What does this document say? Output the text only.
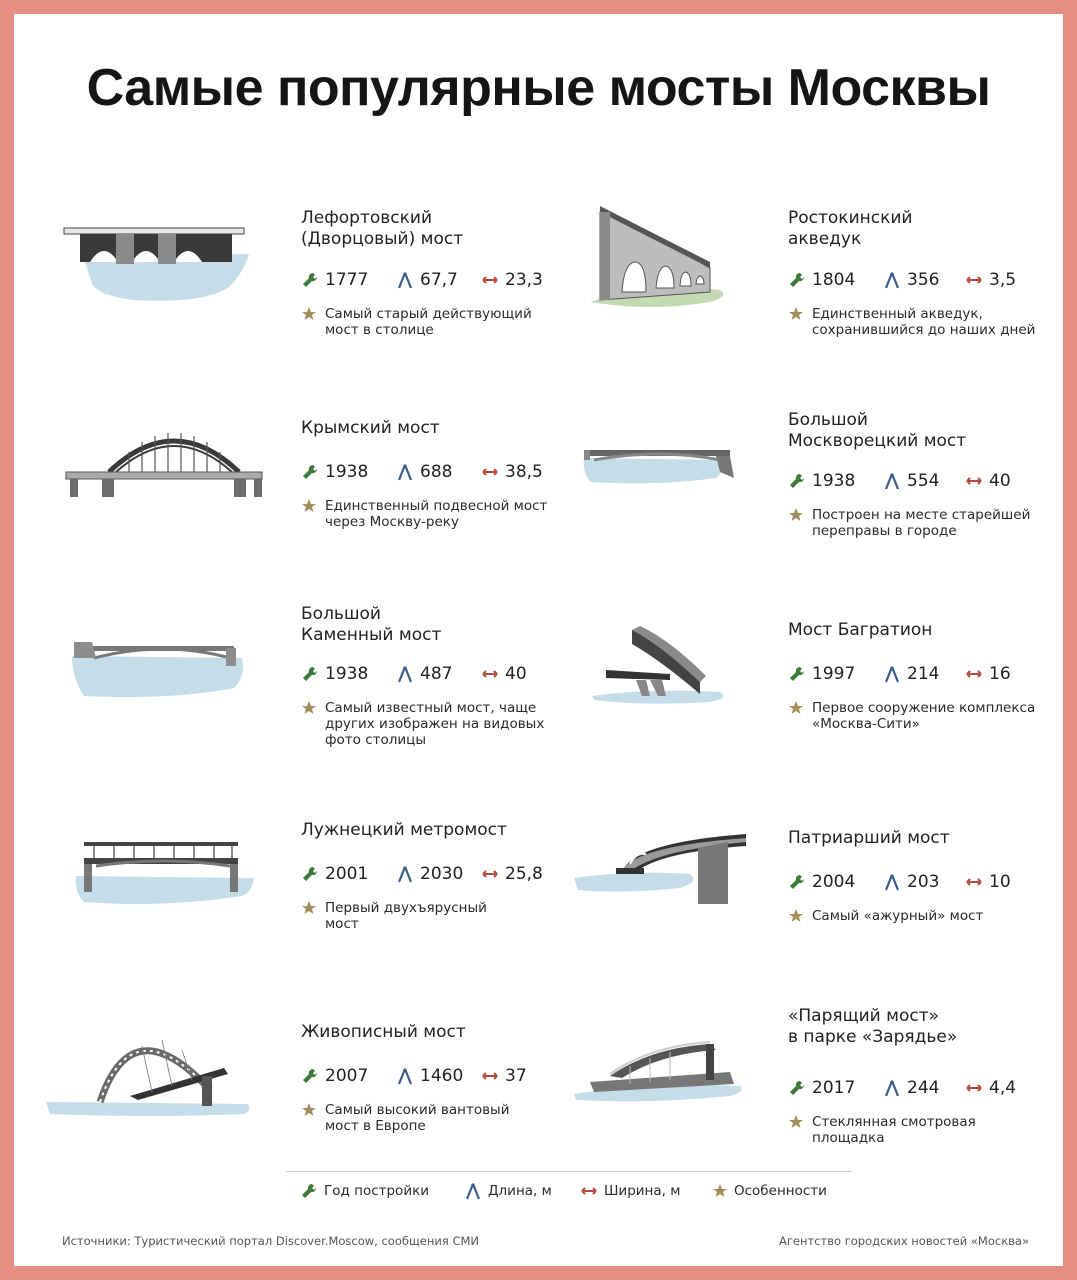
Самые популярные мосты Москвы
Лефортовский
(Дворцовый) мост
1777	67,7	23,3
Самый старый действующий
мост в столице
Крымский мост
1938	688	38,5
Единственный подвесной мост
через Москву-реку
Большой
Каменный мост
1938	487	40
Самый известный мост, чаще
других изображен на видовых
фото столицы
Лужнецкий метромост
2001	2030 25,8
Первый двухъярусный
мост
Живописный мост
2007	1460 37
Самый высокий вантовый
мост в Европе
Ростокинский
акведук
1804	356	3,5
Единственный акведук,
сохранившийся до наших дней
Большой
Москворецкий мост
1938	554	40
Построен на месте старейшей
переправы в городе
Мост Багратион
1997	214	16
Первое сооружение комплекса
«Москва-Сити»
Патриарший мост
2004	203	10
Самый «ажурный» мост
«Парящий мост»
в парке «Зарядье»
2017	244	4,4
Стеклянная смотровая
площадка
Год постройки	Длина, м	Ширина, м	Особенности
Источники: Туристический портал Discover.Moscow, сообщения СМИ	Агентство городских новостей «Москва»
